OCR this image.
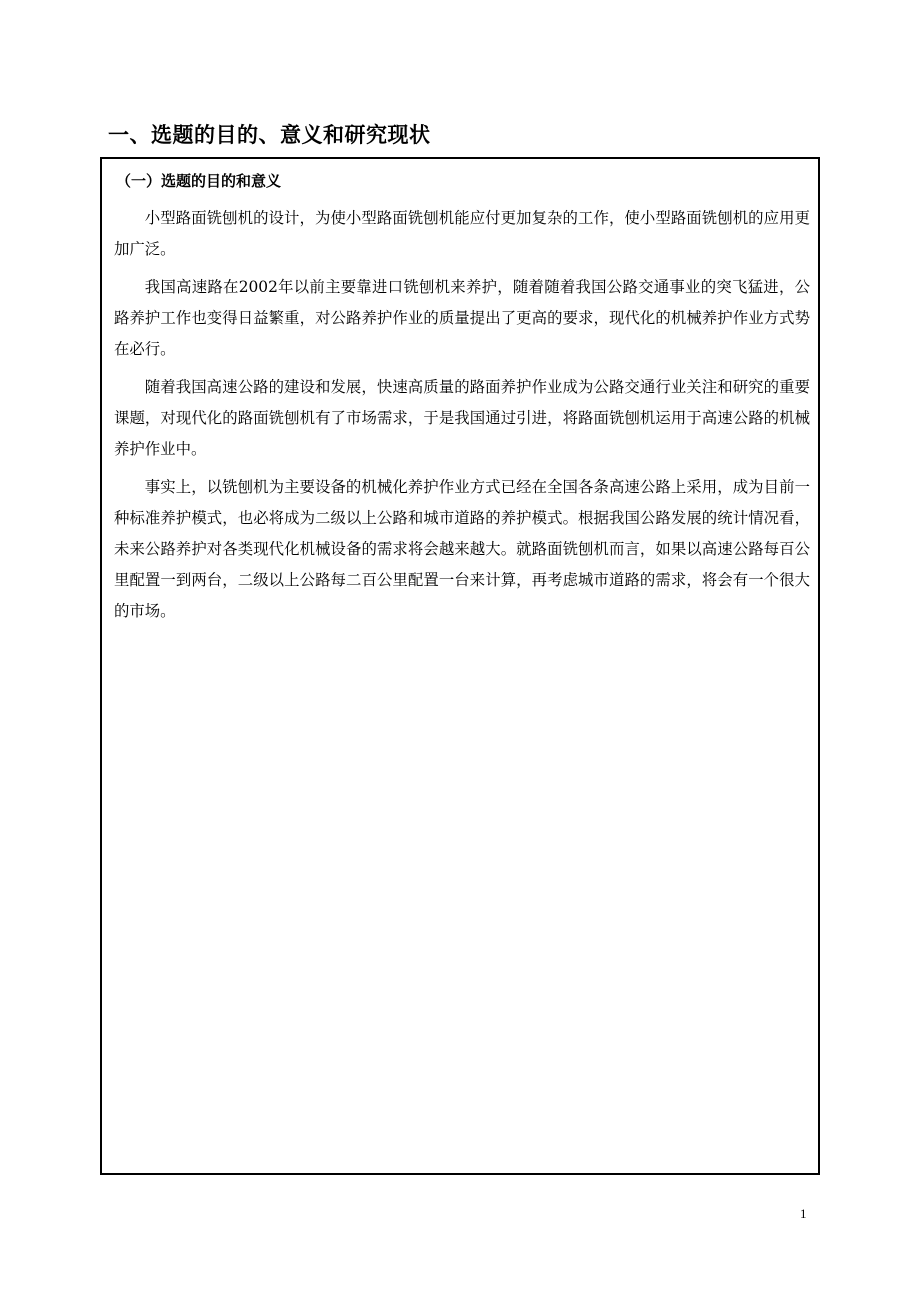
一、选题的目的、意义和研究现状
（一）选题的目的和意义

小型路面铣刨机的设计，为使小型路面铣刨机能应付更加复杂的工作，使小型路面铣刨机的应用更加广泛。

我国高速路在2002年以前主要靠进口铣刨机来养护，随着随着我国公路交通事业的突飞猛进，公路养护工作也变得日益繁重，对公路养护作业的质量提出了更高的要求，现代化的机械养护作业方式势在必行。

随着我国高速公路的建设和发展，快速高质量的路面养护作业成为公路交通行业关注和研究的重要课题，对现代化的路面铣刨机有了市场需求，于是我国通过引进，将路面铣刨机运用于高速公路的机械养护作业中。

事实上，以铣刨机为主要设备的机械化养护作业方式已经在全国各条高速公路上采用，成为目前一种标准养护模式，也必将成为二级以上公路和城市道路的养护模式。根据我国公路发展的统计情况看，未来公路养护对各类现代化机械设备的需求将会越来越大。就路面铣刨机而言，如果以高速公路每百公里配置一到两台，二级以上公路每二百公里配置一台来计算，再考虑城市道路的需求，将会有一个很大的市场。

1
